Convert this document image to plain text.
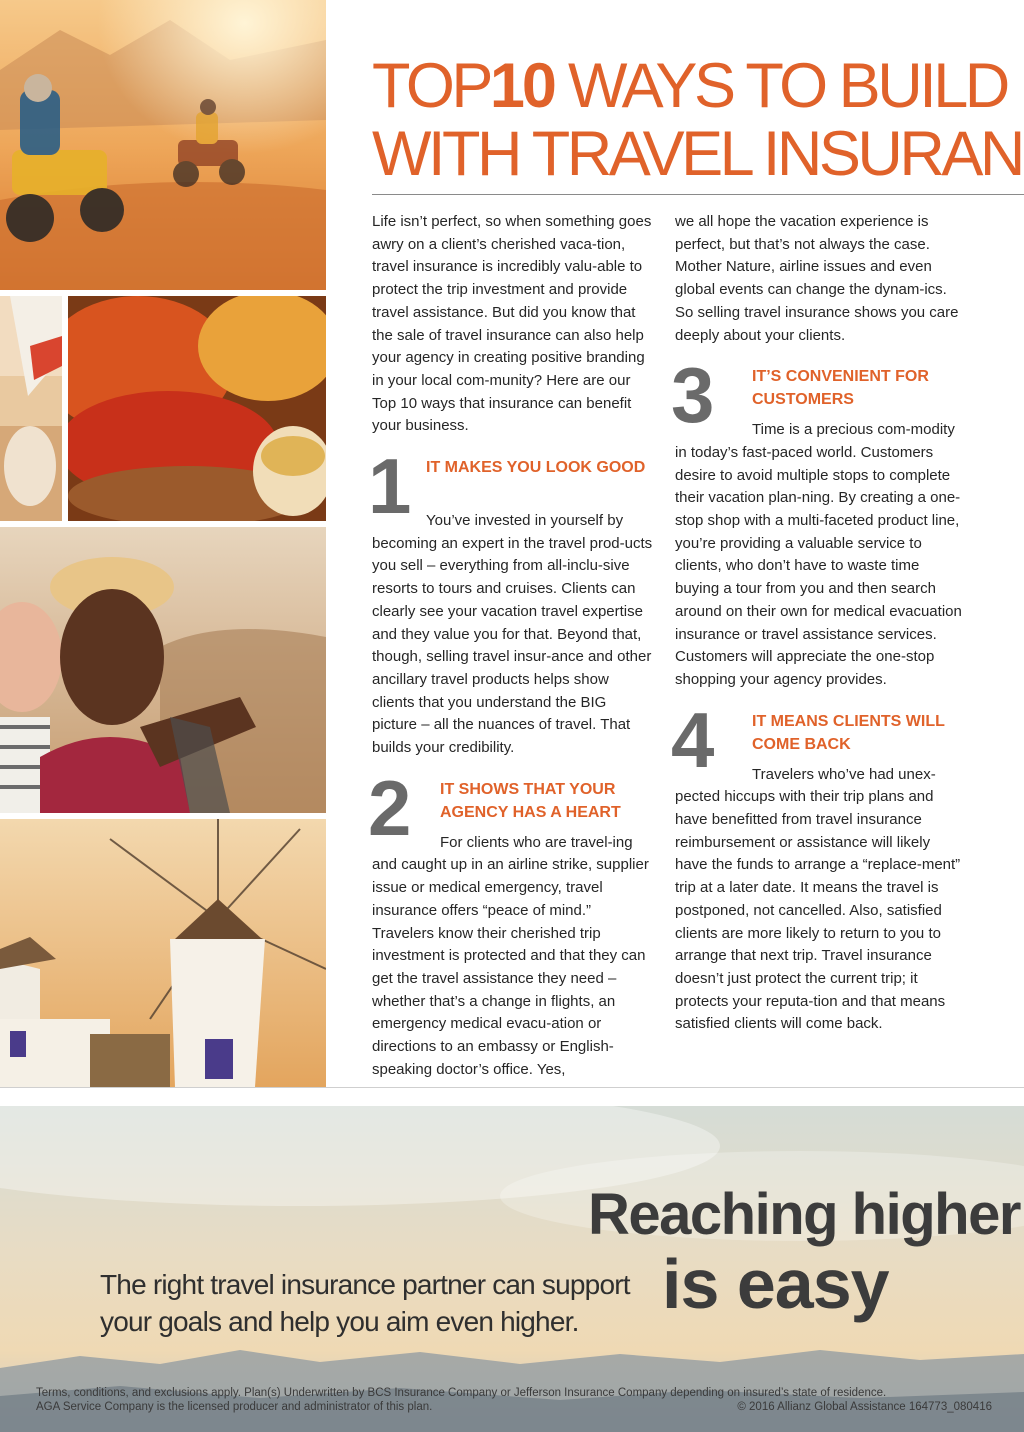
TOP10 WAYS TO BUILD
WITH TRAVEL INSURAN

Life isn’t perfect, so when something goes awry on a client’s cherished vaca-tion, travel insurance is incredibly valu-able to protect the trip investment and provide travel assistance. But did you know that the sale of travel insurance can also help your agency in creating positive branding in your local com-munity? Here are our Top 10 ways that insurance can benefit your business.

1 IT MAKES YOU LOOK GOOD

You’ve invested in yourself by becoming an expert in the travel prod-ucts you sell – everything from all-inclu-sive resorts to tours and cruises. Clients can clearly see your vacation travel expertise and they value you for that. Beyond that, though, selling travel insur-ance and other ancillary travel products helps show clients that you understand the BIG picture – all the nuances of travel. That builds your credibility.

2	IT SHOWS THAT YOUR AGENCY HAS A HEART

For clients who are travel-ing and caught up in an airline strike, supplier issue or medical emergency, travel insurance offers “peace of mind.” Travelers know their cherished trip investment is protected and that they can get the travel assistance they need – whether that’s a change in flights, an emergency medical evacu-ation or directions to an embassy or English-speaking doctor’s office. Yes,

we all hope the vacation experience is perfect, but that’s not always the case. Mother Nature, airline issues and even global events can change the dynam-ics. So selling travel insurance shows you care deeply about your clients.

3	IT’S CONVENIENT FOR CUSTOMERS

Time is a precious com-modity in today’s fast-paced world. Customers desire to avoid multiple stops to complete their vacation plan-ning. By creating a one-stop shop with a multi-faceted product line, you’re providing a valuable service to clients, who don’t have to waste time buying a tour from you and then search around on their own for medical evacuation insurance or travel assistance services. Customers will appreciate the one-stop shopping your agency provides.

4	IT MEANS CLIENTS WILL COME BACK

Travelers who’ve had unex-pected hiccups with their trip plans and have benefitted from travel insurance reimbursement or assistance will likely have the funds to arrange a “replace-ment” trip at a later date. It means the travel is postponed, not cancelled. Also, satisfied clients are more likely to return to you to arrange that next trip. Travel insurance doesn’t just protect the current trip; it protects your reputa-tion and that means satisfied clients will come back.

Reaching higher
is easy
The right travel insurance partner can support your goals and help you aim even higher.
Terms, conditions, and exclusions apply. Plan(s) Underwritten by BCS Insurance Company or Jefferson Insurance Company depending on insured’s state of residence.
AGA Service Company is the licensed producer and administrator of this plan.	© 2016 Allianz Global Assistance 164773_080416
